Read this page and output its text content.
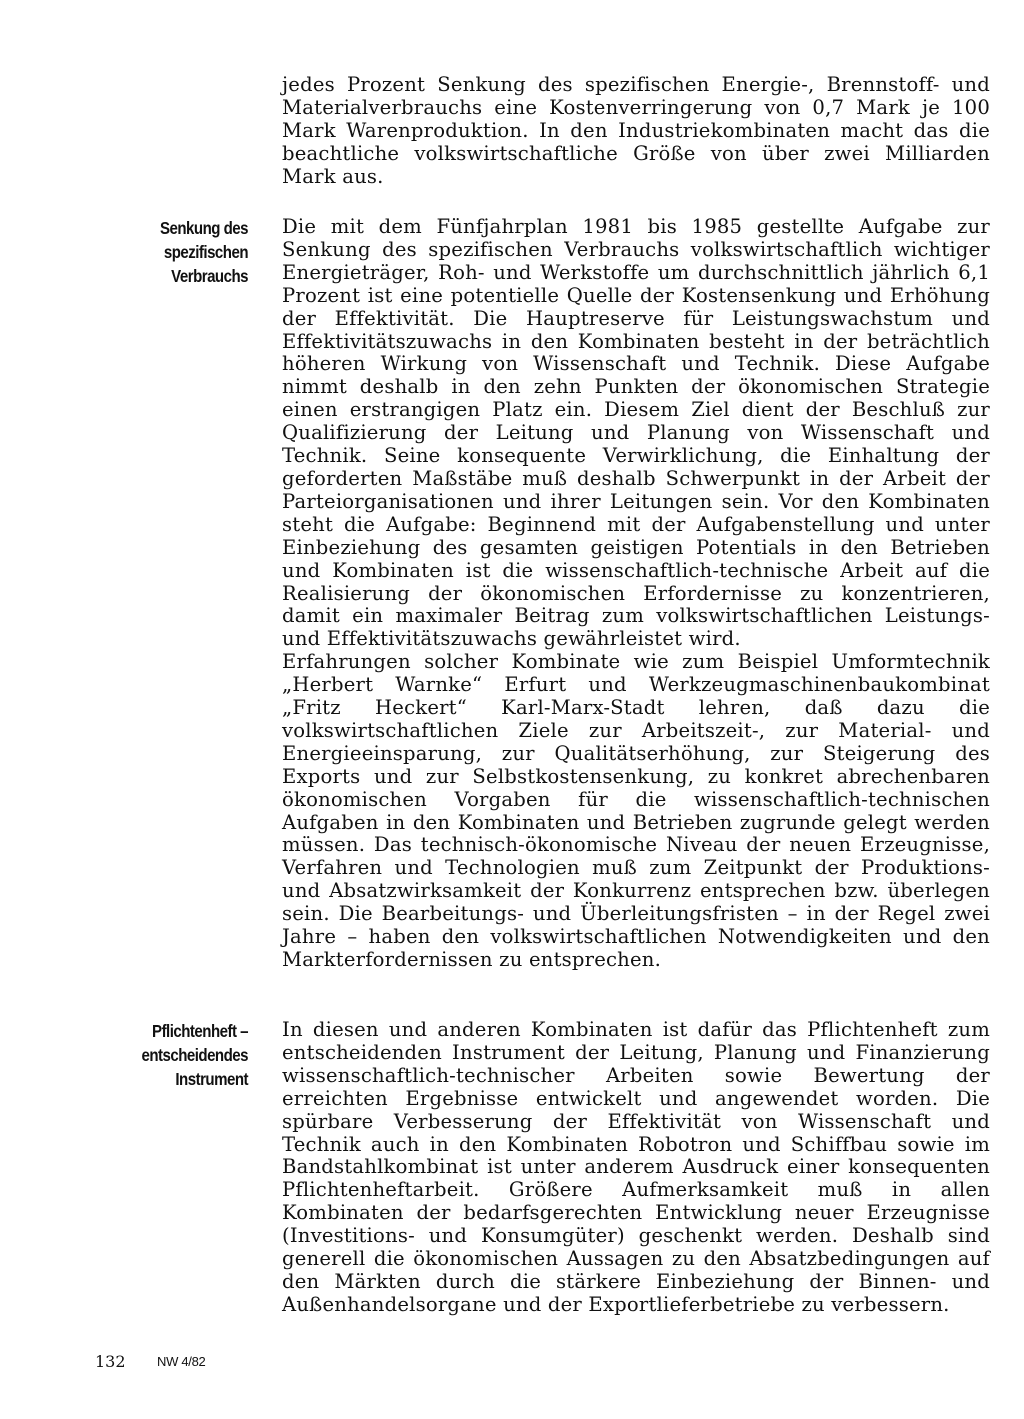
jedes Prozent Senkung des spezifischen Energie-, Brennstoff- und Materialverbrauchs eine Kostenverringerung von 0,7 Mark je 100 Mark Warenproduktion. In den Industriekombinaten macht das die beachtliche volkswirtschaftliche Größe von über zwei Milliarden Mark aus.

Senkung des
spezifischen
Verbrauchs

Die mit dem Fünfjahrplan 1981 bis 1985 gestellte Aufgabe zur Senkung des spezifischen Verbrauchs volkswirtschaftlich wichtiger Energieträger, Roh- und Werkstoffe um durchschnittlich jährlich 6,1 Prozent ist eine potentielle Quelle der Kostensenkung und Erhöhung der Effektivität. Die Hauptreserve für Leistungswachstum und Effektivitätszuwachs in den Kombinaten besteht in der beträchtlich höheren Wirkung von Wissenschaft und Technik. Diese Aufgabe nimmt deshalb in den zehn Punkten der ökonomischen Strategie einen erstrangigen Platz ein. Diesem Ziel dient der Beschluß zur Qualifizierung der Leitung und Planung von Wissenschaft und Technik. Seine konsequente Verwirklichung, die Einhaltung der geforderten Maßstäbe muß deshalb Schwerpunkt in der Arbeit der Parteiorganisationen und ihrer Leitungen sein. Vor den Kombinaten steht die Aufgabe: Beginnend mit der Aufgabenstellung und unter Einbeziehung des gesamten geistigen Potentials in den Betrieben und Kombinaten ist die wissenschaftlich-technische Arbeit auf die Realisierung der ökonomischen Erfordernisse zu konzentrieren, damit ein maximaler Beitrag zum volkswirtschaftlichen Leistungs- und Effektivitätszuwachs gewährleistet wird.

Erfahrungen solcher Kombinate wie zum Beispiel Umformtechnik „Herbert Warnke“ Erfurt und Werkzeugmaschinenbaukombinat „Fritz Heckert“ Karl-Marx-Stadt lehren, daß dazu die volkswirtschaftlichen Ziele zur Arbeitszeit-, zur Material- und Energieeinsparung, zur Qualitätserhöhung, zur Steigerung des Exports und zur Selbstkostensenkung, zu konkret abrechenbaren ökonomischen Vorgaben für die wissenschaftlich-technischen Aufgaben in den Kombinaten und Betrieben zugrunde gelegt werden müssen. Das technisch-ökonomische Niveau der neuen Erzeugnisse, Verfahren und Technologien muß zum Zeitpunkt der Produktions- und Absatzwirksamkeit der Konkurrenz entsprechen bzw. überlegen sein. Die Bearbeitungs- und Überleitungsfristen – in der Regel zwei Jahre – haben den volkswirtschaftlichen Notwendigkeiten und den Markterfordernissen zu entsprechen.

Pflichtenheft –
entscheidendes
Instrument

In diesen und anderen Kombinaten ist dafür das Pflichtenheft zum entscheidenden Instrument der Leitung, Planung und Finanzierung wissenschaftlich-technischer Arbeiten sowie Bewertung der erreichten Ergebnisse entwickelt und angewendet worden. Die spürbare Verbesserung der Effektivität von Wissenschaft und Technik auch in den Kombinaten Robotron und Schiffbau sowie im Bandstahlkombinat ist unter anderem Ausdruck einer konsequenten Pflichtenheftarbeit. Größere Aufmerksamkeit muß in allen Kombinaten der bedarfsgerechten Entwicklung neuer Erzeugnisse (Investitions- und Konsumgüter) geschenkt werden. Deshalb sind generell die ökonomischen Aussagen zu den Absatzbedingungen auf den Märkten durch die stärkere Einbeziehung der Binnen- und Außenhandelsorgane und der Exportlieferbetriebe zu verbessern.

132 NW 4/82
